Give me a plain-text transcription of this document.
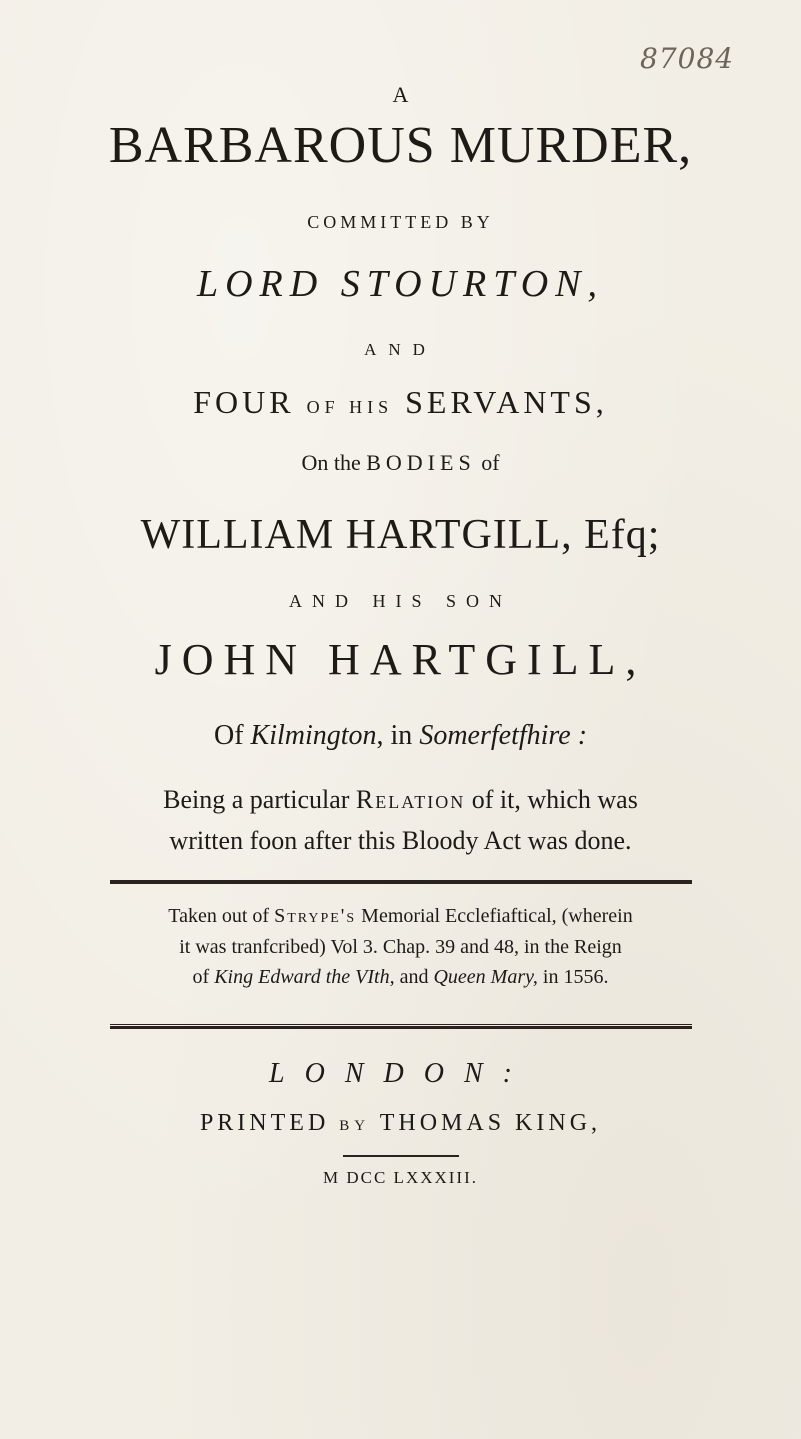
87084
A
BARBAROUS MURDER,
COMMITTED BY
LORD STOURTON,
AND
FOUR OF HIS SERVANTS,
On the BODIES of
WILLIAM HARTGILL, Efq;
AND HIS SON
JOHN HARTGILL,
Of Kilmington, in Somerfetfhire :
Being a particular Relation of it, which was
written foon after this Bloody Act was done.
Taken out of Strype's Memorial Ecclefiaftical, (wherein
it was tranfcribed) Vol 3. Chap. 39 and 48, in the Reign
of King Edward the VIth, and Queen Mary, in 1556.
LONDON:
PRINTED BY THOMAS KING,
M DCC LXXXIII.
